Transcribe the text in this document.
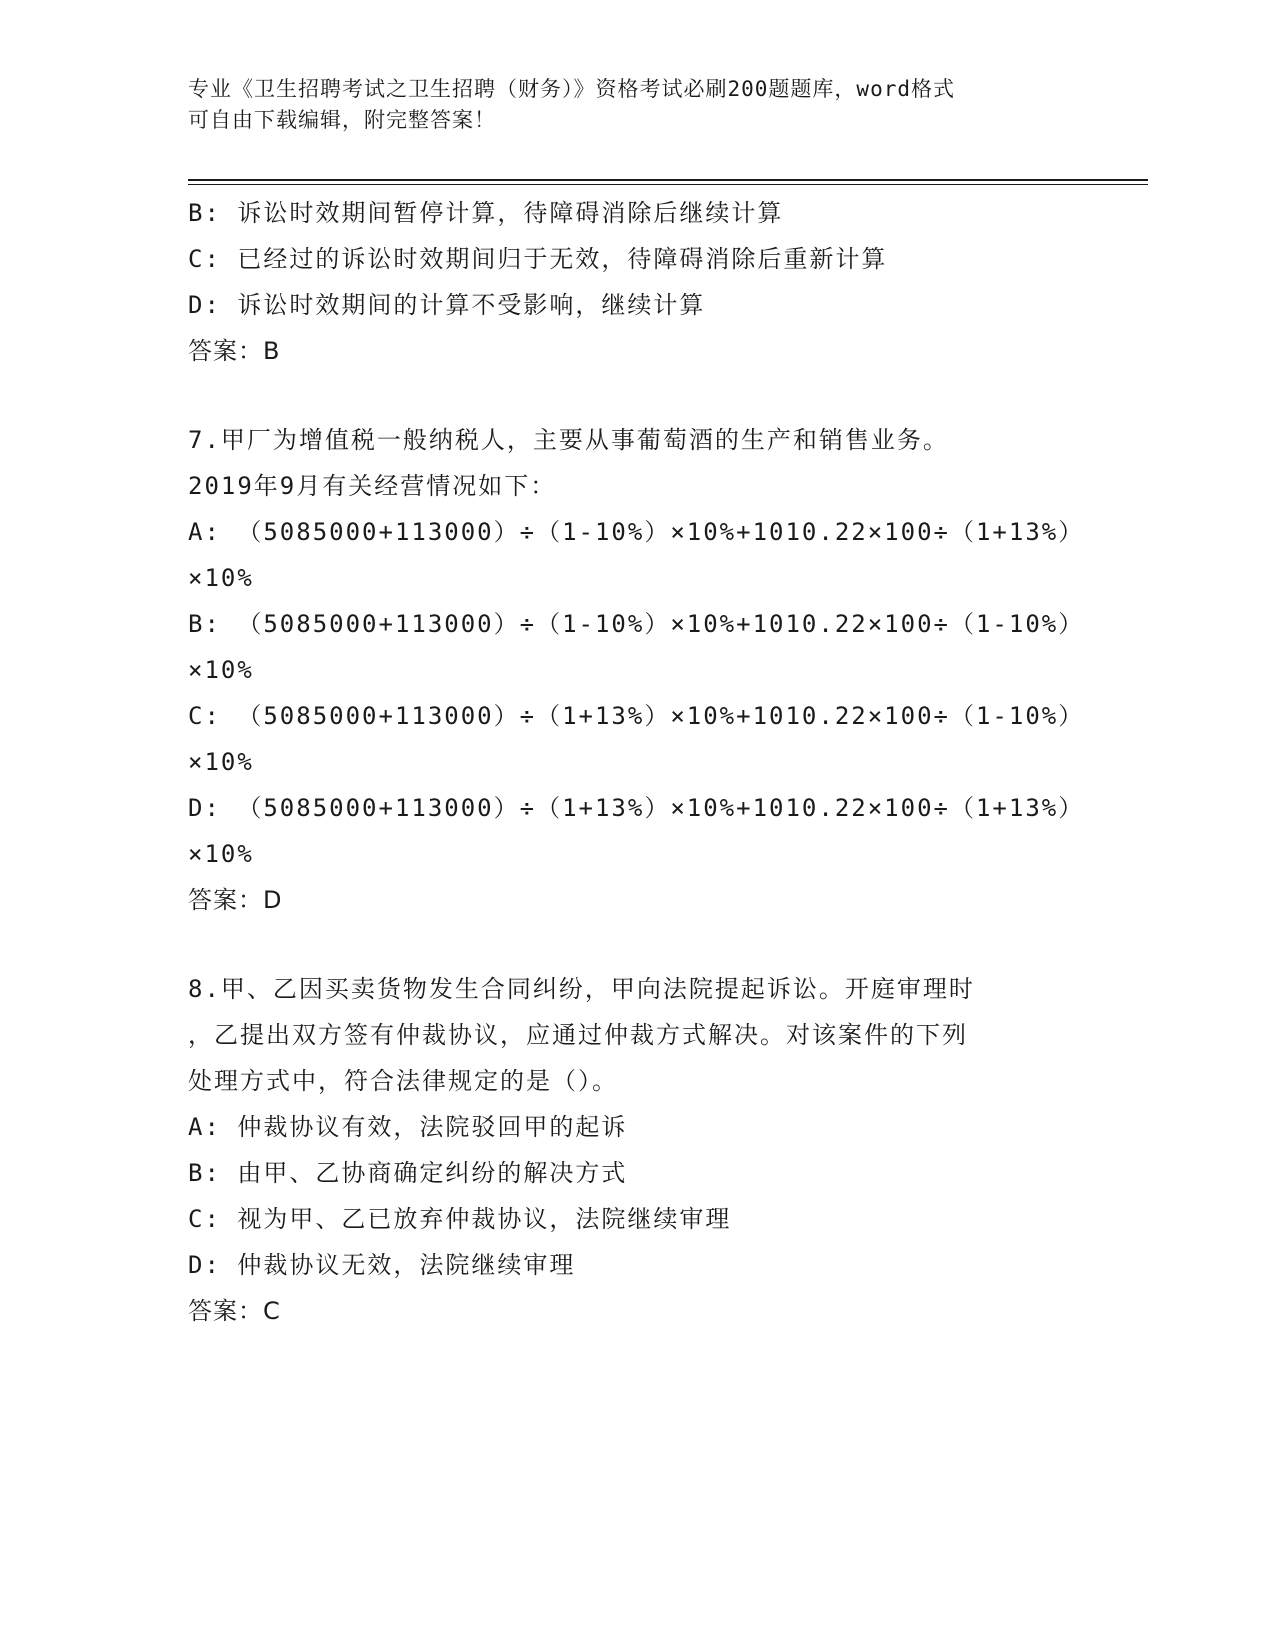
专业《卫生招聘考试之卫生招聘（财务）》资格考试必刷200题题库，word格式
可自由下载编辑，附完整答案！
B: 诉讼时效期间暂停计算，待障碍消除后继续计算
C: 已经过的诉讼时效期间归于无效，待障碍消除后重新计算
D: 诉讼时效期间的计算不受影响，继续计算
答案：B
7.甲厂为增值税一般纳税人，主要从事葡萄酒的生产和销售业务。
2019年9月有关经营情况如下：
A: （5085000+113000）÷（1-10%）×10%+1010.22×100÷（1+13%）
×10%
B: （5085000+113000）÷（1-10%）×10%+1010.22×100÷（1-10%）
×10%
C: （5085000+113000）÷（1+13%）×10%+1010.22×100÷（1-10%）
×10%
D: （5085000+113000）÷（1+13%）×10%+1010.22×100÷（1+13%）
×10%
答案：D
8.甲、乙因买卖货物发生合同纠纷，甲向法院提起诉讼。开庭审理时
，乙提出双方签有仲裁协议，应通过仲裁方式解决。对该案件的下列
处理方式中，符合法律规定的是（）。
A: 仲裁协议有效，法院驳回甲的起诉
B: 由甲、乙协商确定纠纷的解决方式
C: 视为甲、乙已放弃仲裁协议，法院继续审理
D: 仲裁协议无效，法院继续审理
答案：C
